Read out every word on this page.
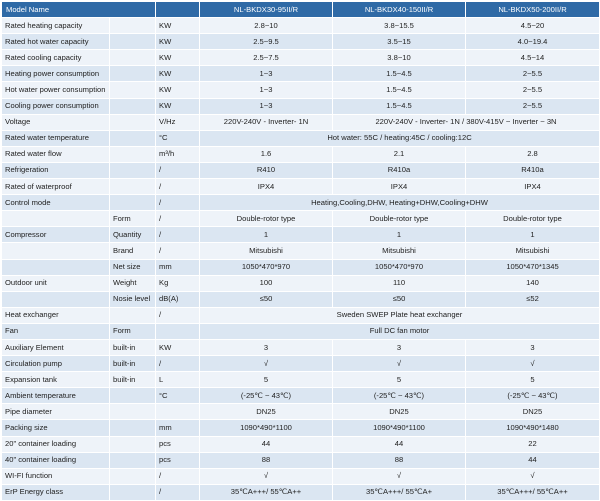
Model Name			NL-BKDX30-95II/R	NL-BKDX40-150II/R	NL-BKDX50-200II/R
Rated heating capacity		KW	2.8~10	3.8~15.5	4.5~20
Rated hot water capacity		KW	2.5~9.5	3.5~15	4.0~19.4
Rated cooling capacity		KW	2.5~7.5	3.8~10	4.5~14
Heating power consumption		KW	1~3	1.5~4.5	2~5.5
Hot water power consumption		KW	1~3	1.5~4.5	2~5.5
Cooling power consumption		KW	1~3	1.5~4.5	2~5.5
Voltage		V/Hz	220V-240V - Inverter- 1N	220V-240V - Inverter- 1N / 380V-415V ~ Inverter ~ 3N	
Rated water temperature		°C	Hot water: 55C / heating:45C / cooling:12C		
Rated water flow		m³/h	1.6	2.1	2.8
Refrigeration		/	R410	R410a	R410a
Rated of waterproof		/	IPX4	IPX4	IPX4
Control mode		/	Heating,Cooling,DHW, Heating+DHW,Cooling+DHW		
	Form	/	Double-rotor type	Double-rotor type	Double-rotor type
Compressor	Quantity	/	1	1	1
	Brand	/	Mitsubishi	Mitsubishi	Mitsubishi
	Net size	mm	1050*470*970	1050*470*970	1050*470*1345
Outdoor unit	Weight	Kg	100	110	140
	Nosie level	dB(A)	≤50	≤50	≤52
Heat exchanger		/	Sweden SWEP Plate heat exchanger		
Fan	Form		Full DC fan motor		
Auxiliary Element	built-in	KW	3	3	3
Circulation pump	built-in	/	√	√	√
Expansion tank	built-in	L	5	5	5
Ambient temperature		°C	(-25℃ ~ 43℃)	(-25℃ ~ 43℃)	(-25℃ ~ 43℃)
Pipe diameter			DN25	DN25	DN25
Packing size		mm	1090*490*1100	1090*490*1100	1090*490*1480
20" container loading		pcs	44	44	22
40" container loading		pcs	88	88	44
WI-FI function		/	√	√	√
ErP Energy class		/	35℃A+++/ 55℃A++	35℃A+++/ 55℃A+	35℃A+++/ 55℃A++
